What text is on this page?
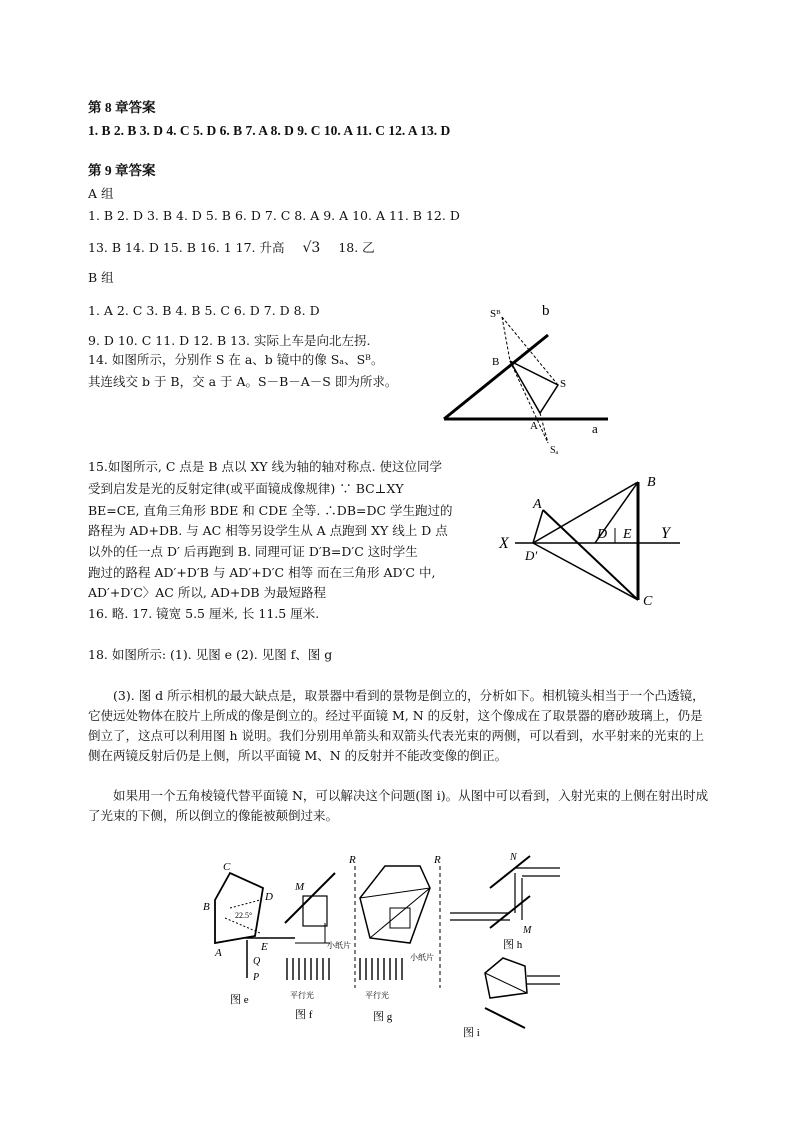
第 8 章答案
1. B 2. B 3. D 4. C 5. D 6. B 7. A 8. D 9. C 10. A 11. C 12. A 13. D
第 9 章答案
A 组
1. B 2. D 3. B 4. D 5. B 6. D 7. C 8. A 9. A 10. A 11. B 12. D
13. B 14. D 15. B 16. 1 17. 升高 √3 18. 乙
B 组
1. A 2. C 3. B 4. B 5. C 6. D 7. D 8. D
9. D 10. C 11. D 12. B 13. 实际上车是向北左拐.
14. 如图所示，分别作 S 在 a、b 镜中的像 Sₐ、Sᴮ。
其连线交 b 于 B，交 a 于 A。S－B－A－S 即为所求。
Sᴮ	b
B
S
A	a
Sₐ
15.如图所示, C 点是 B 点以 XY 线为轴的轴对称点. 使这位同学
受到启发是光的反射定律(或平面镜成像规律) ∵ BC⊥XY
BE=CE, 直角三角形 BDE 和 CDE 全等. ∴DB=DC 学生跑过的
路程为 AD+DB. 与 AC 相等另设学生从 A 点跑到 XY 线上 D 点
以外的任一点 D′ 后再跑到 B. 同理可证 D′B=D′C 这时学生
跑过的路程 AD′+D′B 与 AD′+D′C 相等 而在三角形 AD′C 中,
AD′+D′C〉AC 所以, AD+DB 为最短路程
16. 略. 17. 镜宽 5.5 厘米, 长 11.5 厘米.
A
B
X
D′
D E Y
C
18. 如图所示: (1). 见图 e (2). 见图 f、图 g
(3). 图 d 所示相机的最大缺点是，取景器中看到的景物是倒立的，分析如下。相机镜头相当于一个凸透镜，它使远处物体在胶片上所成的像是倒立的。经过平面镜 M, N 的反射，这个像成在了取景器的磨砂玻璃上，仍是倒立了，这点可以利用图 h 说明。我们分别用单箭头和双箭头代表光束的两侧，可以看到，水平射来的光束的上侧在两镜反射后仍是上侧，所以平面镜 M、N 的反射并不能改变像的倒正。
如果用一个五角棱镜代替平面镜 N，可以解决这个问题(图 i)。从图中可以看到，入射光束的上侧在射出时成了光束的下侧，所以倒立的像能被颠倒过来。
C
D
B
A	E
Q
P
22.5°
图 e
M
小纸片
平行光
图 f
R	R
小纸片
平行光
图 g
N
M
图 h
图 i
